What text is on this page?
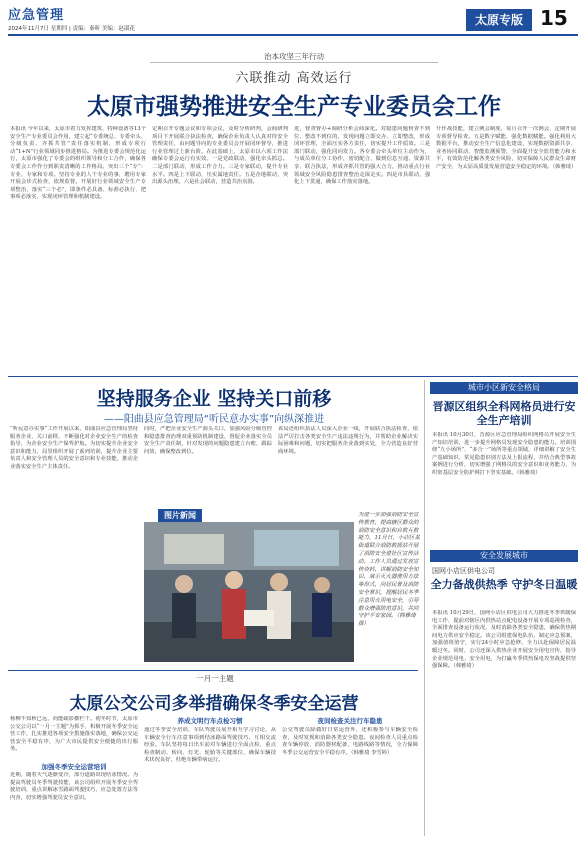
应急管理
2024年11月7日 星期四 | 责编：秦昕 美编：赵淑花
太原专版 15
治本攻坚三年行动
六联推动 高效运行
太原市强势推进安全生产专业委员会工作
本报讯 今年以来，太原市着力发挥建筑、特种设备等13个安全生产专业委员会作用，建立起“专委统总、专委牵头、分级负责、齐抓共管”责任落实机制，形成专项行动“1+N”行业领域同步推进格局。为推进专委会规范化运行，太原市强化了专委会的组织领导和分工合作，确保各专委会工作作分到职责清晰的工作格局。突出三个“专”：专业、专家和专项。坚持专业的人干专业的事，聘用专家开展会诊式检查，依规监督。开展好行业领域安全生产专项整治，落实“三个必”，即条件必具备、标准必执行、把事项必落实，实现闭环管理和机制建设。
定期召开专题会议和专项会议，及时分析研判，会商研判项目下开展联合执法检查，确保企业负责人认真对待安全管理责任，由问题导向的专业委员会开展闭环督导，推进行业管理过上新台阶。在此基础上，太原市以六项工作法确保专委会运行有实效。一是党政联动，强化牵头抓总。二是部门联动，形成工作合力。三是专家联动，提升专业水平。四是上下联动，压实属地责任。五是企地联动，突出源头治理。六是社会联动，营造共治氛围。
进，督查督办+调研分析会商深化。对隐患问题督查不到位、整改不到位的，发现问题立即交办、立即整改，形成闭环管理，全面压实各方责任，切实提升工作质效。三是部门联动，强化同向发力。各专委会牵头单位主动作为，与成员单位分工协作，密切配合，做到信息互通、资源共享、联合执法，形成齐抓共管的强大合力，推动重点行业领域安全风险隐患排查整治走深走实。四是市县联动，强化上下贯通，确保工作落实落地。
升作战技能，建立例会制度，每月召开一次例会，定期开展专项督导检查。五是数字赋能，强化数据赋能。强化利用大数据平台，推动安全生产信息化建设，实现数据资源共享、业务协同联动、智能监测预警，全面提升安全监管能力和水平，有效防范化解各类安全风险，切实保障人民群众生命财产安全，为太原高质量发展营造安全稳定的环境。（韩雅琦）
坚持服务企业 坚持关口前移
——阳曲县应急管理局“听民意办实事”向纵深推进
“听民意办实事”工作开展以来，阳曲县应急管理局坚持服务企业、关口前移，不断强化对企业安全生产的检查指导，为企业安全生产保驾护航。为切实提升企业安全意识和能力，局里组织开展了系列培训，提升企业主要负责人和安全管理人员的安全意识和专业技能，推动企业落实安全生产主体责任。
同时，严把企业安全生产源头关口，加强风险分级管控和隐患排查治理双重预防机制建设，督促企业落实全员安全生产责任制，针对发现的问题隐患建立台账，跟踪问效，确保整改到位。
该局还组织执法人员深入企业一线，开展联合执法检查，依法严厉打击各类安全生产违法违规行为，并帮助企业解决实际困难和问题，切实把服务企业落到实处，全力营造良好营商环境。
图片新闻	为进一步加强消防安全宣传教育，提高辖区群众的消防安全意识和自救互救能力，11月日，小店区某街道联合消防救援站开展了消防安全进社区宣传活动。工作人员通过发放宣传资料、讲解消防安全知识、演示灭火器使用方法等形式，向居民普及消防安全常识，提醒居民冬季注意用火用电安全，引导群众增强防范意识，共同守护平安家园。（韩雅琦 摄）
一月一主题
太原公交公司多举措确保冬季安全运营
杨柳不知秋已远，尚能疏影横栏干。初冬时节，太原市公交公司以“一月一主题”为抓手，积极开展冬季安全运营工作，扎实推进各项安全措施落实落地，确保公交运营安全平稳有序，为广大市民提供安全便捷的出行服务。
加强冬季安全运营培训
近期，随着天气逐渐变冷，部分道路出现结冰情况。为提高驾驶员冬季驾驶技能，该公司组织开展冬季安全驾驶培训，重点讲解冰雪路面驾驶技巧、应急处置方法等内容，切实增强驾驶员安全意识。
养成文明行车点检习惯
通过冬季安全培训，车队驾驶员展开相互学习讨论，从车辆安全行车注意事项到结冰路面驾驶技巧，互相交流经验。车队坚持每日出车前对车辆进行全面点检，重点检查制动、转向、灯光、轮胎等关键部位，确保车辆技术状况良好，杜绝车辆带病运行。
夜间检查关注行车隐患
公交驾驶员除做好日常运营外，还积极参与车辆安全检查，及时发现和消除各类安全隐患。夜间检查人员重点检查车辆停放、消防器材配备、电路线路等情况，全力保障冬季公交运营安全平稳有序。（韩雅琦 李雪婷）
城市小区新安全格局
晋源区组织全科网格员进行安全生产培训
本报讯 10月30日，晋源区应急管理局组织网格员开展安全生产知识培训，进一步提升网格员发现安全隐患的能力。培训围绕“九小场所”、“多合一”场所等重点领域，详细讲解了安全生产基础知识、常见隐患识别方法及上报流程，并结合典型事故案例进行分析，切实增强了网格员的安全意识和业务能力，为织密基层安全防护网打下坚实基础。（韩雅琦）
安全发展城市
国网小店区供电公司
全力备战供热季 守护冬日温暖
本报讯 10月29日，国网小店区供电公司大力推进冬季供暖保电工作，提前对辖区内供热站点配电设备开展专项巡视检查，全面排查设备运行状况，及时消除各类安全隐患，确保供热期间电力供应安全稳定。该公司组建保电队伍，制定应急预案，加强值班值守，实行24小时应急抢修，全力以赴保障居民温暖过冬。同时，公司还深入供热企业开展安全用电宣传，指导企业规范用电、安全用电，为打赢冬季供热保电攻坚战提供坚强保障。（韩雅琦）
